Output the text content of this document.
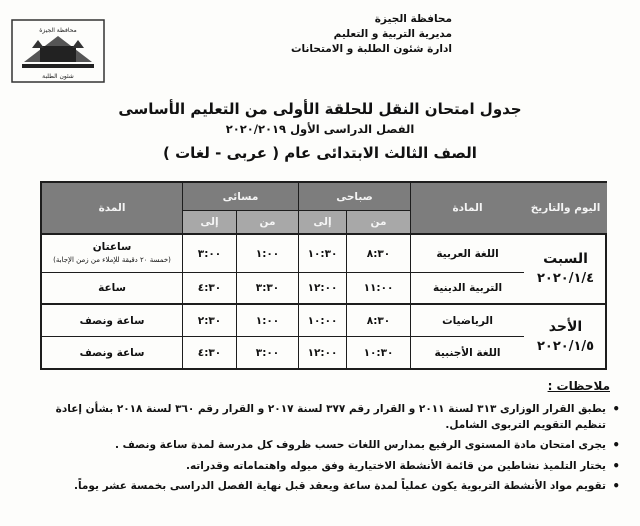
محافظة الجيزة
مديرية التربية و التعليم
ادارة شئون الطلبة و الامتحانات
محافظة الجيزة
شئون الطلبة
جدول امتحان النقل للحلقة الأولى من التعليم الأساسى
الفصل الدراسى الأول ٢٠٢٠/٢٠١٩
الصف الثالث الابتدائى عام ( عربى - لغات )
اليوم والتاريخ
المادة
صباحى
من
إلى
مسائى
من
إلى
المدة
السبت
٢٠٢٠/١/٤
اللغة العربية
٨:٣٠
١٠:٣٠
١:٠٠
٣:٠٠
ساعتان
(خمسة ٢٠ دقيقة للإملاء من زمن الإجابة)
التربية الدينية
١١:٠٠
١٢:٠٠
٣:٣٠
٤:٣٠
ساعة
الأحد
٢٠٢٠/١/٥
الرياضيات
٨:٣٠
١٠:٠٠
١:٠٠
٢:٣٠
ساعة ونصف
اللغة الأجنبية
١٠:٣٠
١٢:٠٠
٣:٠٠
٤:٣٠
ساعة ونصف
ملاحظات :
•
يطبق القرار الوزارى ٣١٣ لسنة ٢٠١١ و القرار رقم ٣٧٧ لسنة ٢٠١٧ و القرار رقم ٣٦٠ لسنة ٢٠١٨ بشأن إعادة تنظيم التقويم التربوى الشامل.
•
يجرى امتحان مادة المستوى الرفيع بمدارس اللغات حسب ظروف كل مدرسة لمدة ساعة ونصف .
•
يختار التلميذ نشاطين من قائمة الأنشطة الاختيارية وفق ميوله واهتماماته وقدراته.
•
تقويم مواد الأنشطة التربوية يكون عملياً لمدة ساعة ويعقد قبل نهاية الفصل الدراسى بخمسة عشر يوماً.
